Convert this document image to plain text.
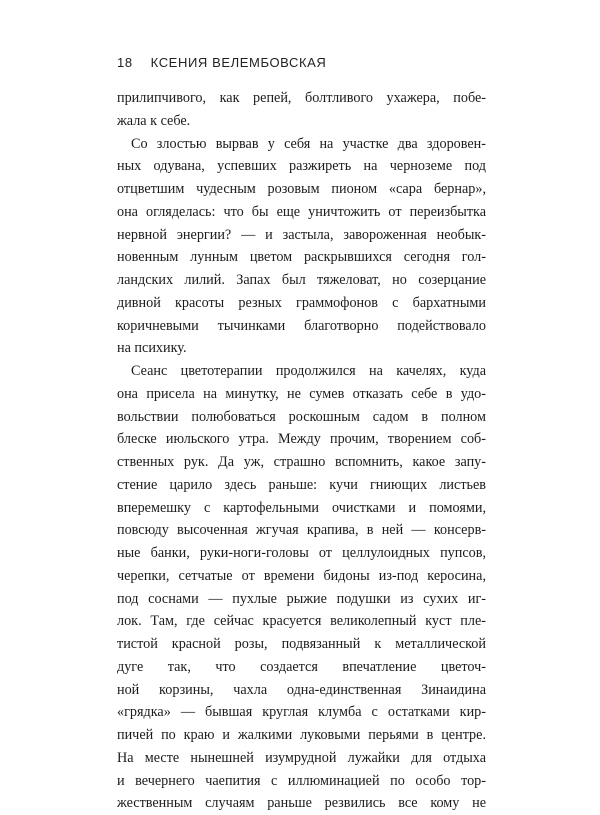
18 КСЕНИЯ ВЕЛЕМБОВСКАЯ
прилипчивого, как репей, болтливого ухажера, побе-
жала к себе.
Со злостью вырвав у себя на участке два здоровен-
ных одувана, успевших разжиреть на черноземе под
отцветшим чудесным розовым пионом «сара бернар»,
она огляделась: что бы еще уничтожить от переизбытка
нервной энергии? — и застыла, завороженная необык-
новенным лунным цветом раскрывшихся сегодня гол-
ландских лилий. Запах был тяжеловат, но созерцание
дивной красоты резных граммофонов с бархатными
коричневыми тычинками благотворно подействовало
на психику.
Сеанс цветотерапии продолжился на качелях, куда
она присела на минутку, не сумев отказать себе в удо-
вольствии полюбоваться роскошным садом в полном
блеске июльского утра. Между прочим, творением соб-
ственных рук. Да уж, страшно вспомнить, какое запу-
стение царило здесь раньше: кучи гниющих листьев
вперемешку с картофельными очистками и помоями,
повсюду высоченная жгучая крапива, в ней — консерв-
ные банки, руки-ноги-головы от целлулоидных пупсов,
черепки, сетчатые от времени бидоны из-под керосина,
под соснами — пухлые рыжие подушки из сухих иг-
лок. Там, где сейчас красуется великолепный куст пле-
тистой красной розы, подвязанный к металлической
дуге так, что создается впечатление цветоч-
ной корзины, чахла одна-единственная Зинаидина
«грядка» — бывшая круглая клумба с остатками кир-
пичей по краю и жалкими луковыми перьями в центре.
На месте нынешней изумрудной лужайки для отдыха
и вечернего чаепития с иллюминацией по особо тор-
жественным случаям раньше резвились все кому не
